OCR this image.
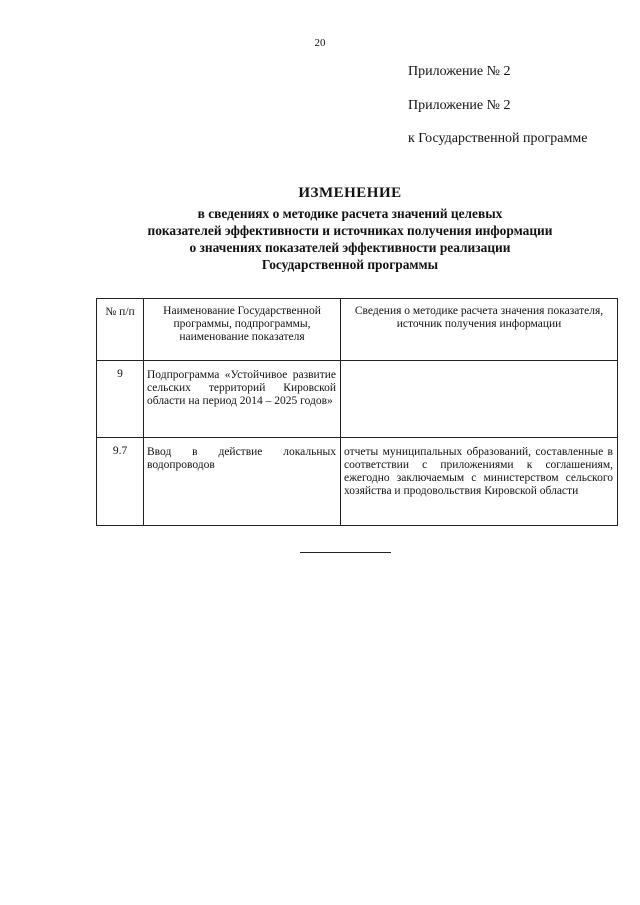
20
Приложение № 2
Приложение № 2
к Государственной программе
ИЗМЕНЕНИЕ
в сведениях о методике расчета значений целевых
показателей эффективности и источниках получения информации
о значениях показателей эффективности реализации
Государственной программы
№ п/п	Наименование Государственной программы, подпрограммы, наименование показателя	Сведения о методике расчета значения показателя, источник получения информации
9	Подпрограмма «Устойчивое развитие сельских территорий Кировской области на период 2014 – 2025 годов»	

9.7	Ввод в действие локальных водопроводов	отчеты муниципальных образований, составленные в соответствии с приложениями к соглашениям, ежегодно заключаемым с министерством сельского хозяйства и продовольствия Кировской области
